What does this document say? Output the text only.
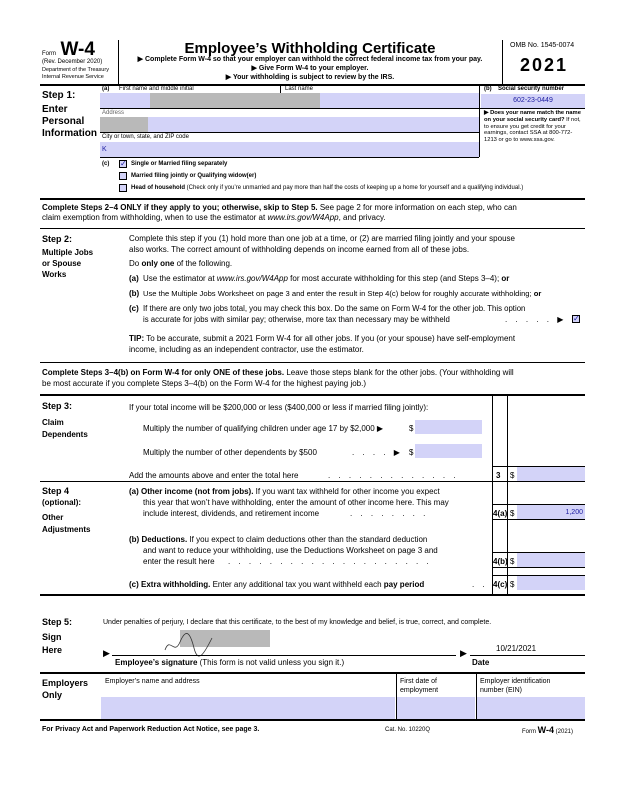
Form W-4
(Rev. December 2020)
Department of the Treasury
Internal Revenue Service
Employee’s Withholding Certificate
▶ Complete Form W-4 so that your employer can withhold the correct federal income tax from your pay.
▶ Give Form W-4 to your employer.
▶ Your withholding is subject to review by the IRS.
OMB No. 1545-0074
2021
Step 1:
Enter
Personal
Information
(a) First name and middle initial	Last name	(b) Social security number
602-23-0449
Address
City or town, state, and ZIP code
K
▶ Does your name match the name on your social security card? If not, to ensure you get credit for your earnings, contact SSA at 800-772-1213 or go to www.ssa.gov.
(c) ✓ Single or Married filing separately
Married filing jointly or Qualifying widow(er)
Head of household (Check only if you’re unmarried and pay more than half the costs of keeping up a home for yourself and a qualifying individual.)
Complete Steps 2–4 ONLY if they apply to you; otherwise, skip to Step 5. See page 2 for more information on each step, who can
claim exemption from withholding, when to use the estimator at www.irs.gov/W4App, and privacy.
Step 2:
Multiple Jobs
or Spouse
Works
Complete this step if you (1) hold more than one job at a time, or (2) are married filing jointly and your spouse
also works. The correct amount of withholding depends on income earned from all of these jobs.
Do only one of the following.
(a) Use the estimator at www.irs.gov/W4App for most accurate withholding for this step (and Steps 3–4); or
(b) Use the Multiple Jobs Worksheet on page 3 and enter the result in Step 4(c) below for roughly accurate withholding; or
(c) If there are only two jobs total, you may check this box. Do the same on Form W-4 for the other job. This option
is accurate for jobs with similar pay; otherwise, more tax than necessary may be withheld	. . . . . ▶ ✓
TIP: To be accurate, submit a 2021 Form W-4 for all other jobs. If you (or your spouse) have self-employment
income, including as an independent contractor, use the estimator.
Complete Steps 3–4(b) on Form W-4 for only ONE of these jobs. Leave those steps blank for the other jobs. (Your withholding will
be most accurate if you complete Steps 3–4(b) on the Form W-4 for the highest paying job.)
Step 3:
Claim
Dependents
If your total income will be $200,000 or less ($400,000 or less if married filing jointly):
Multiply the number of qualifying children under age 17 by $2,000 ▶	$
Multiply the number of other dependents by $500	. . . . ▶ $
Add the amounts above and enter the total here	. . . . . . . . . . . . .	3 $
Step 4
(optional):
Other
Adjustments
(a) Other income (not from jobs). If you want tax withheld for other income you expect
this year that won’t have withholding, enter the amount of other income here. This may
include interest, dividends, and retirement income	. . . . . . . .	4(a) $	1,200
(b) Deductions. If you expect to claim deductions other than the standard deduction
and want to reduce your withholding, use the Deductions Worksheet on page 3 and
enter the result here . . . . . . . . . . . . . . . . . . . .	4(b) $
(c) Extra withholding. Enter any additional tax you want withheld each pay period	. . 4(c) $
Step 5:
Sign
Here
Under penalties of perjury, I declare that this certificate, to the best of my knowledge and belief, is true, correct, and complete.
▶	▶	10/21/2021
Employee’s signature (This form is not valid unless you sign it.)	Date
Employers
Only
Employer’s name and address	First date of
employment
Employer identification
number (EIN)
For Privacy Act and Paperwork Reduction Act Notice, see page 3.	Cat. No. 10220Q	Form W-4 (2021)
